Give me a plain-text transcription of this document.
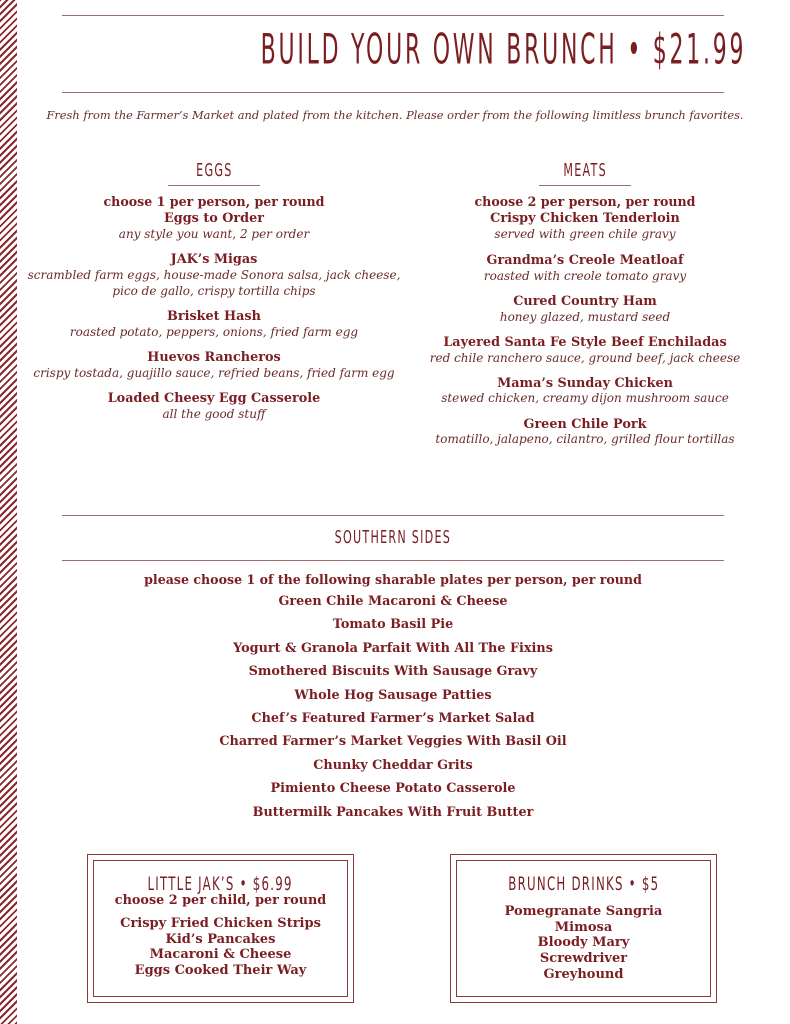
BUILD YOUR OWN BRUNCH • $21.99
Fresh from the Farmer’s Market and plated from the kitchen. Please order from the following limitless brunch favorites.
EGGS
choose 1 per person, per round
Eggs to Order
any style you want, 2 per order
JAK’s Migas
scrambled farm eggs, house-made Sonora salsa, jack cheese,
pico de gallo, crispy tortilla chips
Brisket Hash
roasted potato, peppers, onions, fried farm egg
Huevos Rancheros
crispy tostada, guajillo sauce, refried beans, fried farm egg
Loaded Cheesy Egg Casserole
all the good stuff
MEATS
choose 2 per person, per round
Crispy Chicken Tenderloin
served with green chile gravy
Grandma’s Creole Meatloaf
roasted with creole tomato gravy
Cured Country Ham
honey glazed, mustard seed
Layered Santa Fe Style Beef Enchiladas
red chile ranchero sauce, ground beef, jack cheese
Mama’s Sunday Chicken
stewed chicken, creamy dijon mushroom sauce
Green Chile Pork
tomatillo, jalapeno, cilantro, grilled flour tortillas
SOUTHERN SIDES
please choose 1 of the following sharable plates per person, per round
Green Chile Macaroni & Cheese
Tomato Basil Pie
Yogurt & Granola Parfait With All The Fixins
Smothered Biscuits With Sausage Gravy
Whole Hog Sausage Patties
Chef’s Featured Farmer’s Market Salad
Charred Farmer’s Market Veggies With Basil Oil
Chunky Cheddar Grits
Pimiento Cheese Potato Casserole
Buttermilk Pancakes With Fruit Butter
LITTLE JAK’S • $6.99
choose 2 per child, per round
Crispy Fried Chicken Strips
Kid’s Pancakes
Macaroni & Cheese
Eggs Cooked Their Way
BRUNCH DRINKS • $5
Pomegranate Sangria
Mimosa
Bloody Mary
Screwdriver
Greyhound
